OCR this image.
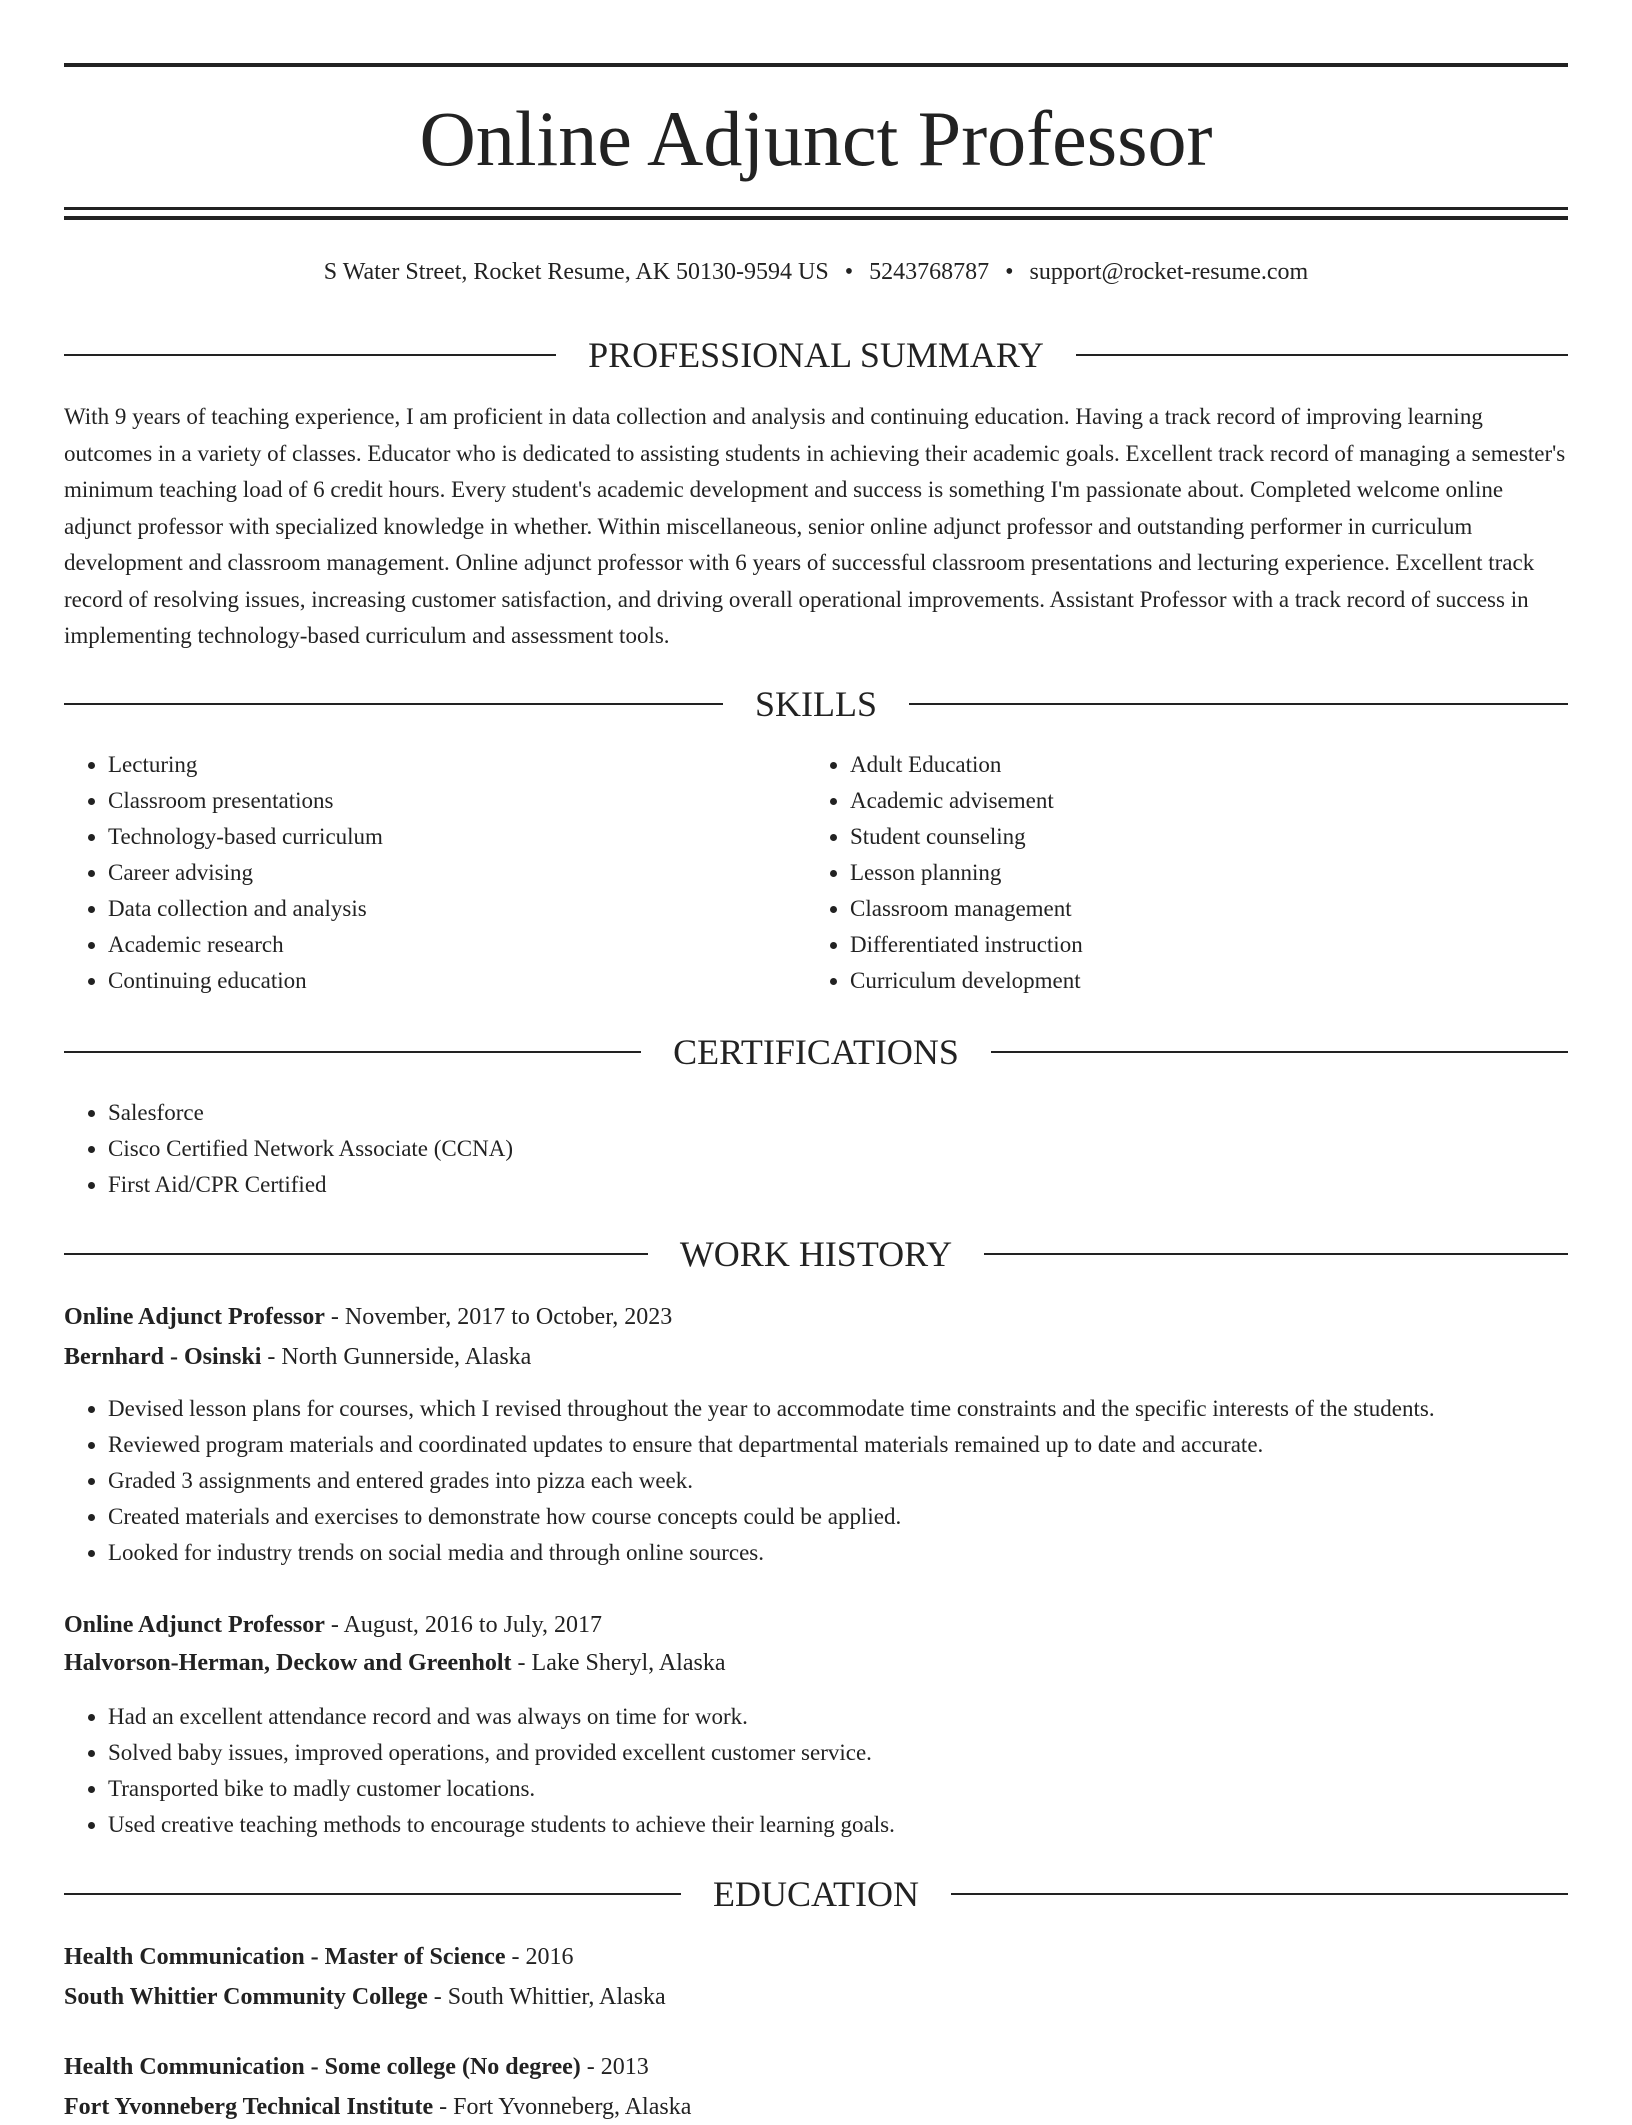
Online Adjunct Professor
S Water Street, Rocket Resume, AK 50130-9594 US • 5243768787 • support@rocket-resume.com
PROFESSIONAL SUMMARY

With 9 years of teaching experience, I am proficient in data collection and analysis and continuing education. Having a track record of improving learning outcomes in a variety of classes. Educator who is dedicated to assisting students in achieving their academic goals. Excellent track record of managing a semester's minimum teaching load of 6 credit hours. Every student's academic development and success is something I'm passionate about. Completed welcome online adjunct professor with specialized knowledge in whether. Within miscellaneous, senior online adjunct professor and outstanding performer in curriculum development and classroom management. Online adjunct professor with 6 years of successful classroom presentations and lecturing experience. Excellent track record of resolving issues, increasing customer satisfaction, and driving overall operational improvements. Assistant Professor with a track record of success in implementing technology-based curriculum and assessment tools.

SKILLS
• Lecturing
• Classroom presentations
• Technology-based curriculum
• Career advising
• Data collection and analysis
• Academic research
• Continuing education
• Adult Education
• Academic advisement
• Student counseling
• Lesson planning
• Classroom management
• Differentiated instruction
• Curriculum development
CERTIFICATIONS
• Salesforce
• Cisco Certified Network Associate (CCNA)
• First Aid/CPR Certified
WORK HISTORY
Online Adjunct Professor - November, 2017 to October, 2023
Bernhard - Osinski - North Gunnerside, Alaska
• Devised lesson plans for courses, which I revised throughout the year to accommodate time constraints and the specific interests of the students.
• Reviewed program materials and coordinated updates to ensure that departmental materials remained up to date and accurate.
• Graded 3 assignments and entered grades into pizza each week.
• Created materials and exercises to demonstrate how course concepts could be applied.
• Looked for industry trends on social media and through online sources.
Online Adjunct Professor - August, 2016 to July, 2017
Halvorson-Herman, Deckow and Greenholt - Lake Sheryl, Alaska
• Had an excellent attendance record and was always on time for work.
• Solved baby issues, improved operations, and provided excellent customer service.
• Transported bike to madly customer locations.
• Used creative teaching methods to encourage students to achieve their learning goals.
EDUCATION
Health Communication - Master of Science - 2016
South Whittier Community College - South Whittier, Alaska
Health Communication - Some college (No degree) - 2013
Fort Yvonneberg Technical Institute - Fort Yvonneberg, Alaska
